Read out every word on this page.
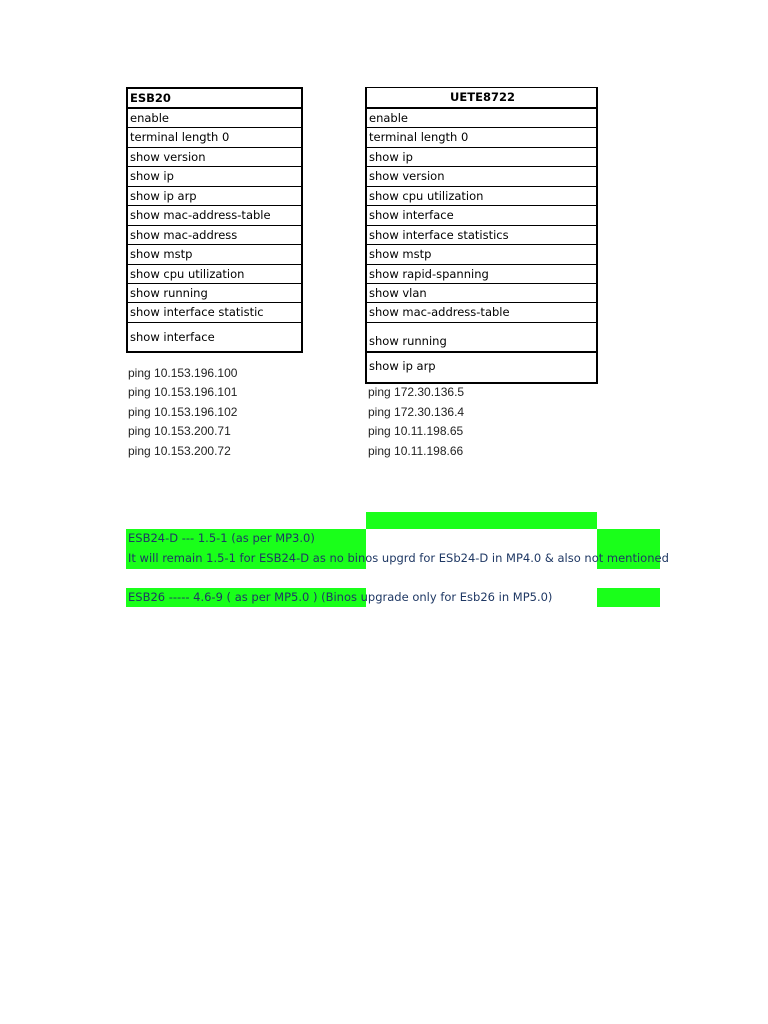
ESB20
enable
terminal length 0
show version
show ip
show ip arp
show mac-address-table
show mac-address
show mstp
show cpu utilization
show running
show interface statistic
show interface
UETE8722
enable
terminal length 0
show ip
show version
show cpu utilization
show interface
show interface statistics
show mstp
show rapid-spanning
show vlan
show mac-address-table
show running
show ip arp
ping 10.153.196.100
ping 10.153.196.101
ping 10.153.196.102
ping 10.153.200.71
ping 10.153.200.72
ping 172.30.136.5
ping 172.30.136.4
ping 10.11.198.65
ping 10.11.198.66
ESB24-D --- 1.5-1 (as per MP3.0)
It will remain 1.5-1 for ESB24-D as no binos upgrd for ESb24-D in MP4.0 & also not mentioned
ESB26 ----- 4.6-9 ( as per MP5.0 ) (Binos upgrade only for Esb26 in MP5.0)
